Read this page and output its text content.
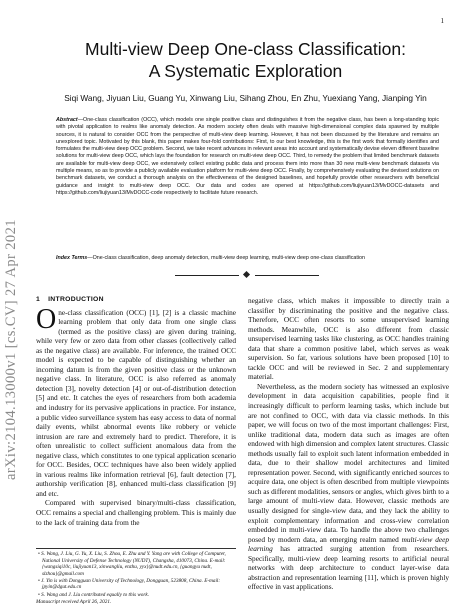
1
arXiv:2104.13000v1 [cs.CV] 27 Apr 2021
Multi-view Deep One-class Classification:
A Systematic Exploration
Siqi Wang, Jiyuan Liu, Guang Yu, Xinwang Liu, Sihang Zhou, En Zhu, Yuexiang Yang, Jianping Yin
Abstract—One-class classification (OCC), which models one single positive class and distinguishes it from the negative class, has been a long-standing topic with pivotal application to realms like anomaly detection. As modern society often deals with massive high-dimensional complex data spawned by multiple sources, it is natural to consider OCC from the perspective of multi-view deep learning. However, it has not been discussed by the literature and remains an unexplored topic. Motivated by this blank, this paper makes four-fold contributions: First, to our best knowledge, this is the first work that formally identifies and formulates the multi-view deep OCC problem. Second, we take recent advances in relevant areas into account and systematically devise eleven different baseline solutions for multi-view deep OCC, which lays the foundation for research on multi-view deep OCC. Third, to remedy the problem that limited benchmark datasets are available for multi-view deep OCC, we extensively collect existing public data and process them into more than 30 new multi-view benchmark datasets via multiple means, so as to provide a publicly available evaluation platform for multi-view deep OCC. Finally, by comprehensively evaluating the devised solutions on benchmark datasets, we conduct a thorough analysis on the effectiveness of the designed baselines, and hopefully provide other researchers with beneficial guidance and insight to multi-view deep OCC. Our data and codes are opened at https://github.com/liujiyuan13/MvDOCC-datasets and https://github.com/liujiyuan13/MvDOCC-code respectively to facilitate future research.
Index Terms—One-class classification, deep anomaly detection, multi-view deep learning, multi-view deep one-class classification
1 INTRODUCTION

One-class classification (OCC) [1], [2] is a classic machine learning problem that only data from one single class (termed as the positive class) are given during training, while very few or zero data from other classes (collectively called as the negative class) are available. For inference, the trained OCC model is expected to be capable of distinguishing whether an incoming datum is from the given positive class or the unknown negative class. In literature, OCC is also referred as anomaly detection [3], novelty detection [4] or out-of-distribution detection [5] and etc. It catches the eyes of researchers from both academia and industry for its pervasive applications in practice. For instance, a public video surveillance system has easy access to data of normal daily events, whilst abnormal events like robbery or vehicle intrusion are rare and extremely hard to predict. Therefore, it is often unrealistic to collect sufficient anomalous data from the negative class, which constitutes to one typical application scenario for OCC. Besides, OCC techniques have also been widely applied in various realms like information retrieval [6], fault detection [7], authorship verification [8], enhanced multi-class classification [9] and etc.

Compared with supervised binary/multi-class classification, OCC remains a special and challenging problem. This is mainly due to the lack of training data from the

negative class, which makes it impossible to directly train a classifier by discriminating the positive and the negative class. Therefore, OCC often resorts to some unsupervised learning methods. Meanwhile, OCC is also different from classic unsupervised learning tasks like clustering, as OCC handles training data that share a common positive label, which serves as weak supervision. So far, various solutions have been proposed [10] to tackle OCC and will be reviewed in Sec. 2 and supplementary material.

Nevertheless, as the modern society has witnessed an explosive development in data acquisition capabilities, people find it increasingly difficult to perform learning tasks, which include but are not confined to OCC, with data via classic methods. In this paper, we will focus on two of the most important challenges: First, unlike traditional data, modern data such as images are often endowed with high dimension and complex latent structures. Classic methods usually fail to exploit such latent information embedded in data, due to their shallow model architectures and limited representation power. Second, with significantly enriched sources to acquire data, one object is often described from multiple viewpoints such as different modalities, sensors or angles, which gives birth to a large amount of multi-view data. However, classic methods are usually designed for single-view data, and they lack the ability to exploit complementary information and cross-view correlation embedded in multi-view data. To handle the above two challenges posed by modern data, an emerging realm named multi-view deep learning has attracted surging attention from researchers. Specifically, multi-view deep learning resorts to artificial neural networks with deep architecture to conduct layer-wise data abstraction and representation learning [11], which is proven highly effective in vast applications.

• S. Wang, J. Liu, G. Yu, X. Liu, S. Zhou, E. Zhu and Y. Yang are with College of Computer, National University of Defense Technology (NUDT), Changsha, 410073, China. E-mail: {wangsiqi10c, liujiyuan13, xinwangliu, enzhu, yyx}@nudt.edu.cn, {guangyu nudt, slzhou}@gmail.com

• J. Yin is with Dongguan University of Technology, Dongguan, 523808, China. E-mail: jpyin@dgut.edu.cn

• S. Wang and J. Liu contributed equally to this work.

Manuscript received April 26, 2021.
